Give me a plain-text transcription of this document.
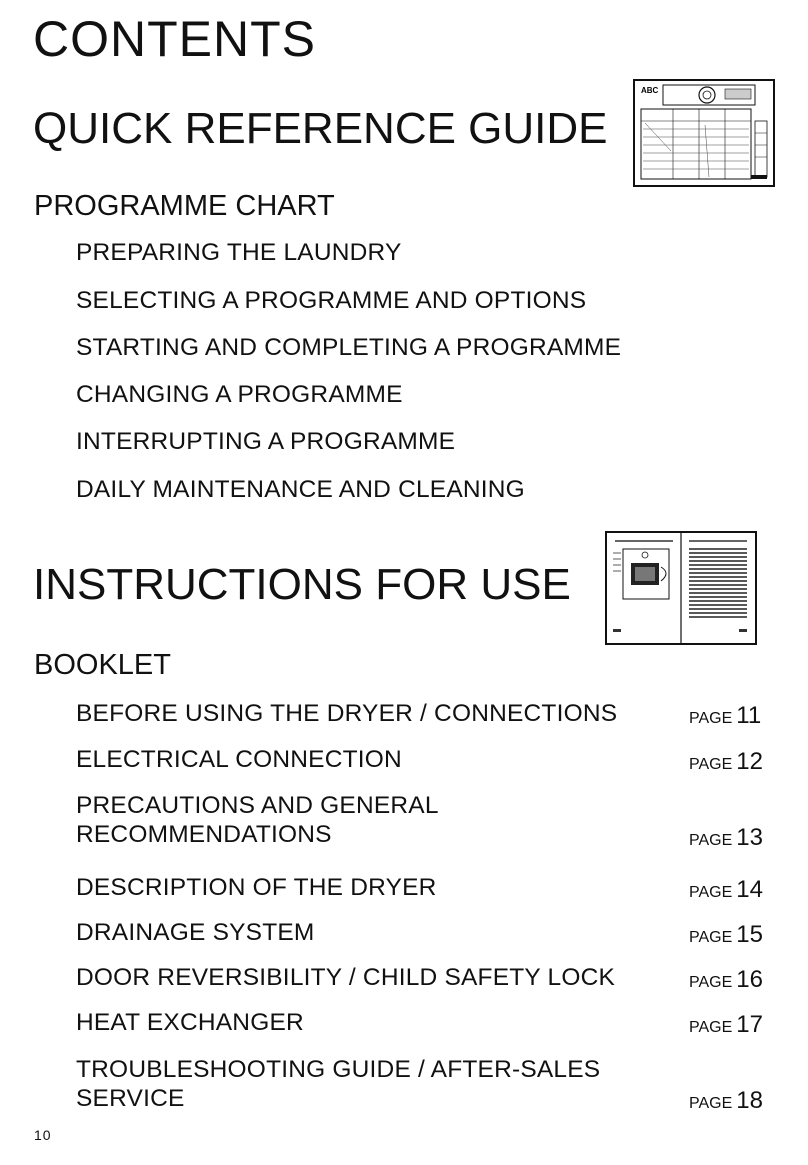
CONTENTS
QUICK REFERENCE GUIDE
ABC
PROGRAMME CHART
PREPARING THE LAUNDRY
SELECTING A PROGRAMME AND OPTIONS
STARTING AND COMPLETING A PROGRAMME
CHANGING A PROGRAMME
INTERRUPTING A PROGRAMME
DAILY MAINTENANCE AND CLEANING
INSTRUCTIONS FOR USE
BOOKLET
BEFORE USING THE DRYER / CONNECTIONS	PAGE 11
ELECTRICAL CONNECTION	PAGE 12
PRECAUTIONS AND GENERAL RECOMMENDATIONS	PAGE 13
DESCRIPTION OF THE DRYER	PAGE 14
DRAINAGE SYSTEM	PAGE 15
DOOR REVERSIBILITY / CHILD SAFETY LOCK	PAGE 16
HEAT EXCHANGER	PAGE 17
TROUBLESHOOTING GUIDE / AFTER-SALES SERVICE	PAGE 18
10
